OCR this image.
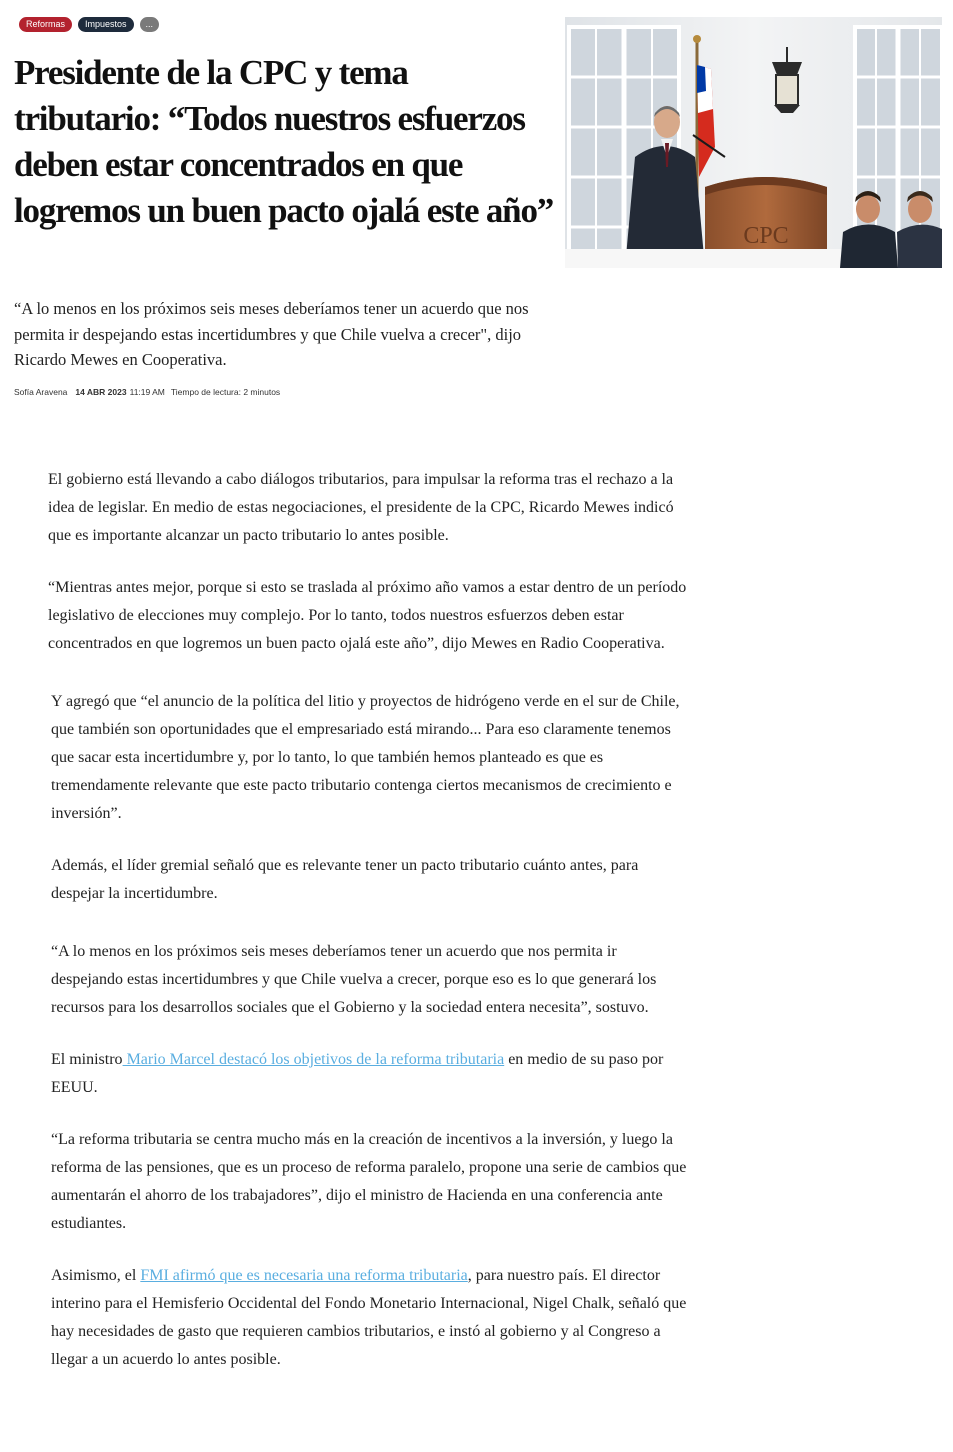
Reformas	Impuestos	...
Presidente de la CPC y tema tributario: “Todos nuestros esfuerzos deben estar concentrados en que logremos un buen pacto ojalá este año”

“A lo menos en los próximos seis meses deberíamos tener un acuerdo que nos permita ir despejando estas incertidumbres y que Chile vuelva a crecer", dijo Ricardo Mewes en Cooperativa.

Sofía Aravena 14 ABR 2023 11:19 AM Tiempo de lectura: 2 minutos
CPC

El gobierno está llevando a cabo diálogos tributarios, para impulsar la reforma tras el rechazo a la idea de legislar. En medio de estas negociaciones, el presidente de la CPC, Ricardo Mewes indicó que es importante alcanzar un pacto tributario lo antes posible.

“Mientras antes mejor, porque si esto se traslada al próximo año vamos a estar dentro de un período legislativo de elecciones muy complejo. Por lo tanto, todos nuestros esfuerzos deben estar concentrados en que logremos un buen pacto ojalá este año”, dijo Mewes en Radio Cooperativa.

Y agregó que “el anuncio de la política del litio y proyectos de hidrógeno verde en el sur de Chile, que también son oportunidades que el empresariado está mirando... Para eso claramente tenemos que sacar esta incertidumbre y, por lo tanto, lo que también hemos planteado es que es tremendamente relevante que este pacto tributario contenga ciertos mecanismos de crecimiento e inversión”.

Además, el líder gremial señaló que es relevante tener un pacto tributario cuánto antes, para despejar la incertidumbre.

“A lo menos en los próximos seis meses deberíamos tener un acuerdo que nos permita ir despejando estas incertidumbres y que Chile vuelva a crecer, porque eso es lo que generará los recursos para los desarrollos sociales que el Gobierno y la sociedad entera necesita”, sostuvo.

El ministro Mario Marcel destacó los objetivos de la reforma tributaria en medio de su paso por EEUU.

“La reforma tributaria se centra mucho más en la creación de incentivos a la inversión, y luego la reforma de las pensiones, que es un proceso de reforma paralelo, propone una serie de cambios que aumentarán el ahorro de los trabajadores”, dijo el ministro de Hacienda en una conferencia ante estudiantes.

Asimismo, el FMI afirmó que es necesaria una reforma tributaria, para nuestro país. El director interino para el Hemisferio Occidental del Fondo Monetario Internacional, Nigel Chalk, señaló que hay necesidades de gasto que requieren cambios tributarios, e instó al gobierno y al Congreso a llegar a un acuerdo lo antes posible.
